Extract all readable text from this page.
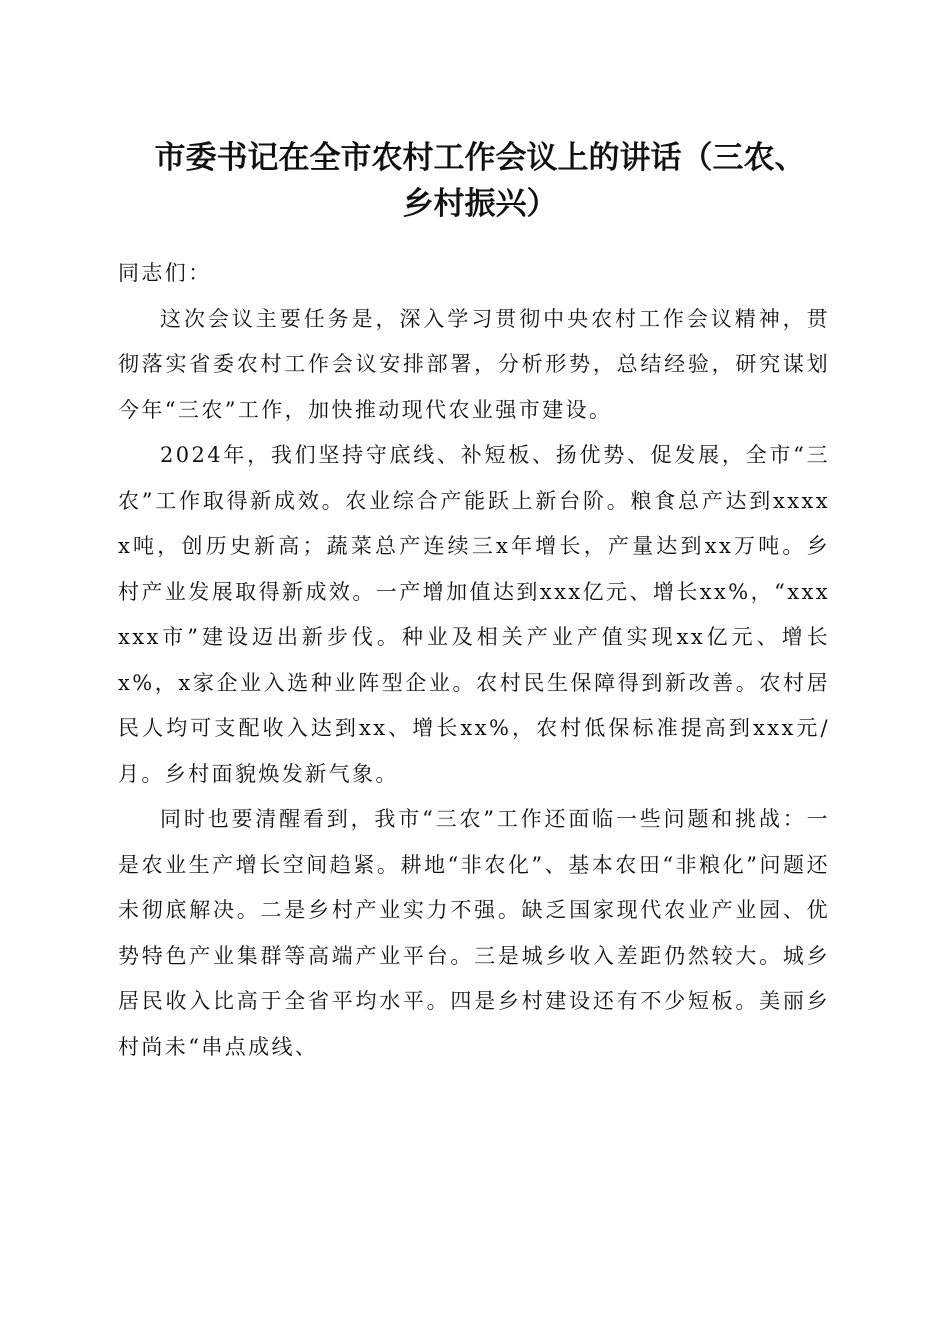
市委书记在全市农村工作会议上的讲话（三农、
乡村振兴）

同志们：

这次会议主要任务是，深入学习贯彻中央农村工作会议精神，贯彻落实省委农村工作会议安排部署，分析形势，总结经验，研究谋划今年“三农”工作，加快推动现代农业强市建设。

2024年，我们坚持守底线、补短板、扬优势、促发展，全市“三农”工作取得新成效。农业综合产能跃上新台阶。粮食总产达到xxxxx吨，创历史新高；蔬菜总产连续三x年增长，产量达到xx万吨。乡村产业发展取得新成效。一产增加值达到xxx亿元、增长xx%，“xxxxxx市”建设迈出新步伐。种业及相关产业产值实现xx亿元、增长x%，x家企业入选种业阵型企业。农村民生保障得到新改善。农村居民人均可支配收入达到xx、增长xx%，农村低保标准提高到xxx元/月。乡村面貌焕发新气象。

同时也要清醒看到，我市“三农”工作还面临一些问题和挑战：一是农业生产增长空间趋紧。耕地“非农化”、基本农田“非粮化”问题还未彻底解决。二是乡村产业实力不强。缺乏国家现代农业产业园、优势特色产业集群等高端产业平台。三是城乡收入差距仍然较大。城乡居民收入比高于全省平均水平。四是乡村建设还有不少短板。美丽乡村尚未“串点成线、
